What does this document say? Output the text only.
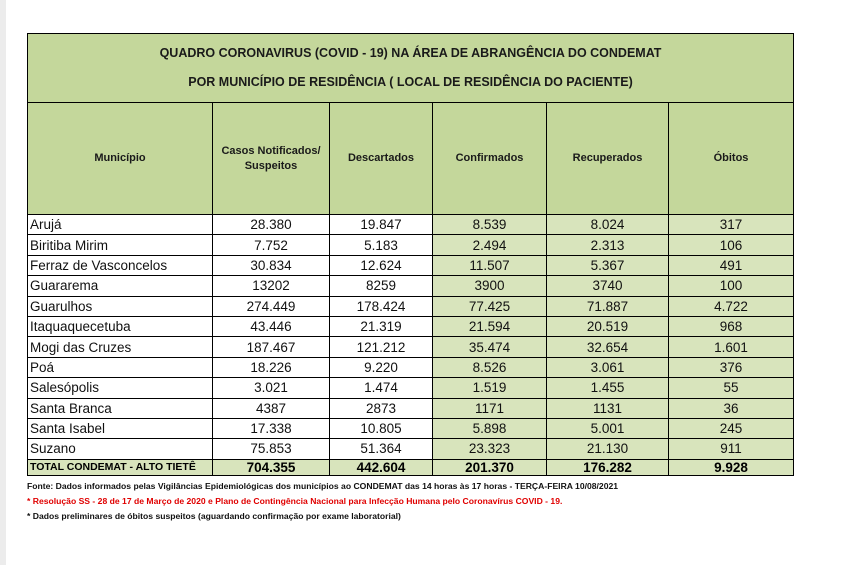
QUADRO CORONAVIRUS (COVID - 19) NA ÁREA DE ABRANGÊNCIA DO CONDEMAT
POR MUNICÍPIO DE RESIDÊNCIA ( LOCAL DE RESIDÊNCIA DO PACIENTE)					

Município	Casos Notificados/ Suspeitos	Descartados	Confirmados	Recuperados	Óbitos
Arujá	28.380	19.847	8.539	8.024	317
Biritiba Mirim	7.752	5.183	2.494	2.313	106
Ferraz de Vasconcelos	30.834	12.624	11.507	5.367	491
Guararema	13202	8259	3900	3740	100
Guarulhos	274.449	178.424	77.425	71.887	4.722
Itaquaquecetuba	43.446	21.319	21.594	20.519	968
Mogi das Cruzes	187.467	121.212	35.474	32.654	1.601
Poá	18.226	9.220	8.526	3.061	376
Salesópolis	3.021	1.474	1.519	1.455	55
Santa Branca	4387	2873	1171	1131	36
Santa Isabel	17.338	10.805	5.898	5.001	245
Suzano	75.853	51.364	23.323	21.130	911
TOTAL CONDEMAT - ALTO TIETÊ	704.355	442.604	201.370	176.282	9.928
Fonte: Dados informados pelas Vigilâncias Epidemiológicas dos municípios ao CONDEMAT das 14 horas às 17 horas - TERÇA-FEIRA 10/08/2021
* Resolução SS - 28 de 17 de Março de 2020 e Plano de Contingência Nacional para Infecção Humana pelo Coronavírus COVID - 19.
* Dados preliminares de óbitos suspeitos (aguardando confirmação por exame laboratorial)
